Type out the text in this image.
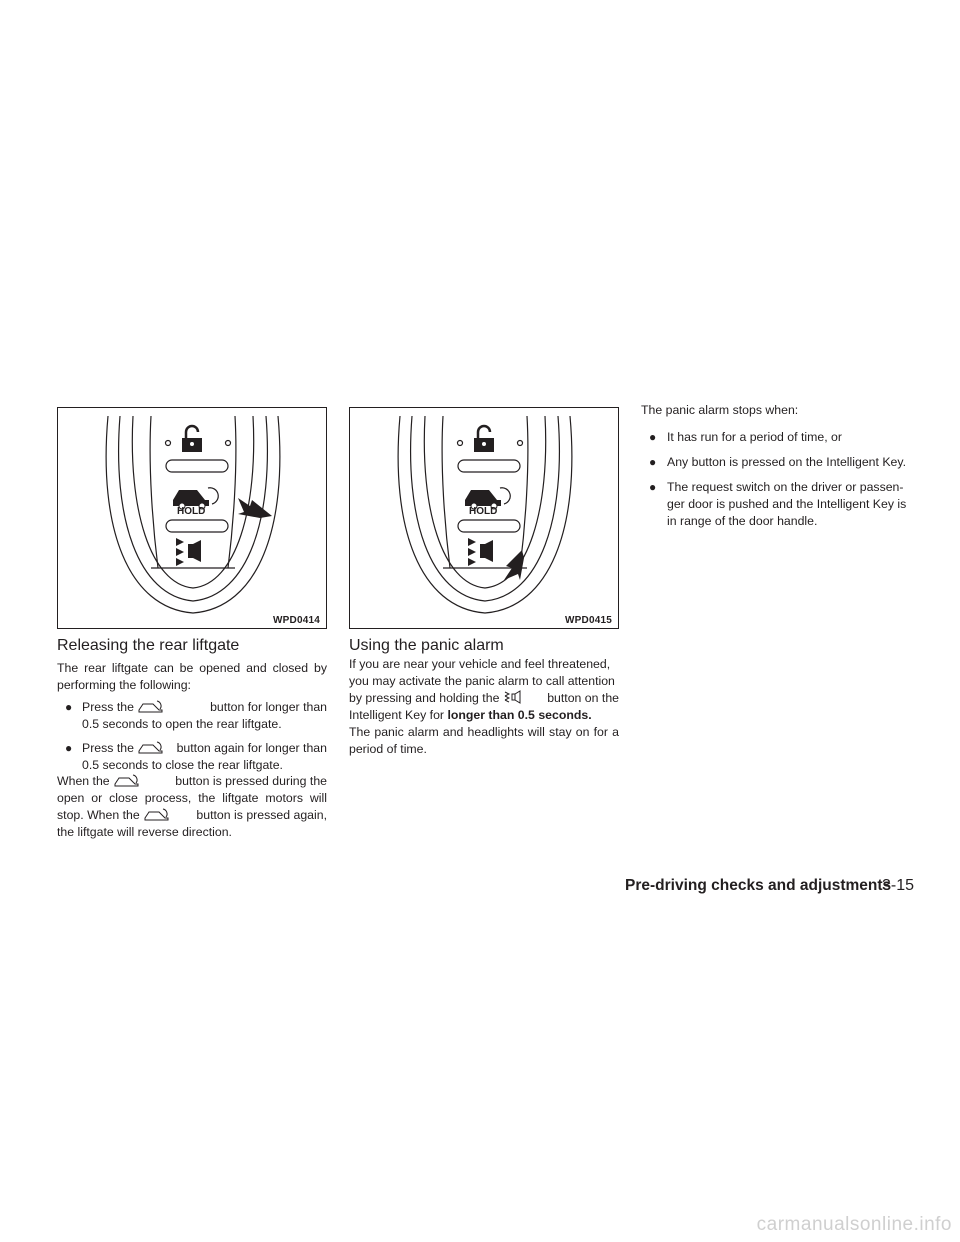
HOLD
WPD0414
HOLD
WPD0415
Releasing the rear liftgate

The rear liftgate can be opened and closed by performing the following:

● Press the	button for longer than
0.5 seconds to open the rear liftgate.
● Press the	button again for longer than
0.5 seconds to close the rear liftgate.
When the	button is pressed during the
open or close process, the liftgate motors will
stop. When the	button is pressed again,
the liftgate will reverse direction.
Using the panic alarm
If you are near your vehicle and feel threatened,
you may activate the panic alarm to call attention
by pressing and holding the	button on the
Intelligent Key for longer than 0.5 seconds.

The panic alarm and headlights will stay on for a period of time.

The panic alarm stops when:
● It has run for a period of time, or
● Any button is pressed on the Intelligent Key.
● The request switch on the driver or passen-
ger door is pushed and the Intelligent Key is
in range of the door handle.
Pre-driving checks and adjustments
3-15
carmanualsonline.info
